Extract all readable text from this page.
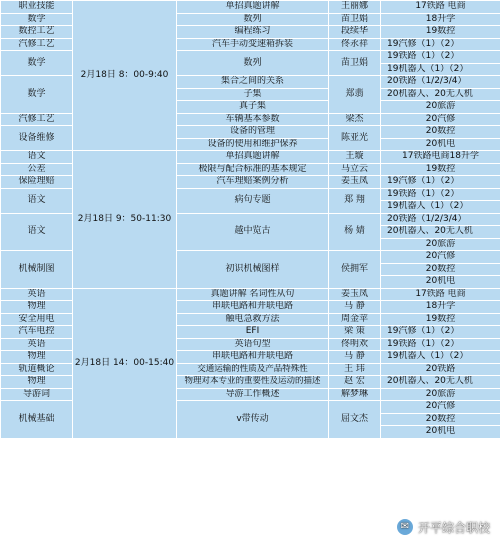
职业技能	2月18日 8：00-9:40	单招真题讲解	王丽娜	17铁路 电商
数学		数列	苗卫娟	18升学
数控工艺		编程练习	段续华	19数控
汽修工艺		汽车手动变速箱拆装	佟永祥	19汽修（1）（2）
数学		数列	苗卫娟	19铁路（1）（2）
				19机器人（1）（2）
数学		集合之间的关系	郑翡	20铁路（1/2/3/4）
		子集		20机器人、20无人机
		真子集		20旅游
汽修工艺		车辆基本参数	梁杰	20汽修
设备维修		设备的管理	陈亚光	20数控
		设备的使用和维护保养		20机电
语文	2月18日 9：50-11:30	单招真题讲解	王璇	17铁路电商18升学
公差		极限与配合标准的基本规定	马立云	19数控
保险理赔		汽车理赔案例分析	姜玉凤	19汽修（1）（2）
语文		病句专题	郑 翔	19铁路（1）（2）
				19机器人（1）（2）
语文		越中览古	杨 婧	20铁路（1/2/3/4）
				20机器人、20无人机
				20旅游
机械制图		初识机械图样	侯拥军	20汽修
				20数控
				20机电
英语	2月18日 14：00-15:40	真题讲解 名词性从句	姜玉凤	17铁路 电商
物理		串联电路和并联电路	马 静	18升学
安全用电		触电急救方法	周金苹	19数控
汽车电控		EFI	梁 策	19汽修（1）（2）
英语		英语句型	佟明欢	19铁路（1）（2）
物理		串联电路和并联电路	马 静	19机器人（1）（2）
轨道概论		交通运输的性质及产品特殊性	王 玮	20铁路
物理		物理对本专业的重要性及运动的描述	赵 宏	20机器人、20无人机
导游词		导游工作概述	解梦琳	20旅游
机械基础		v带传动	屈文杰	20汽修
				20数控
				20机电
✉ 开平综合职校
